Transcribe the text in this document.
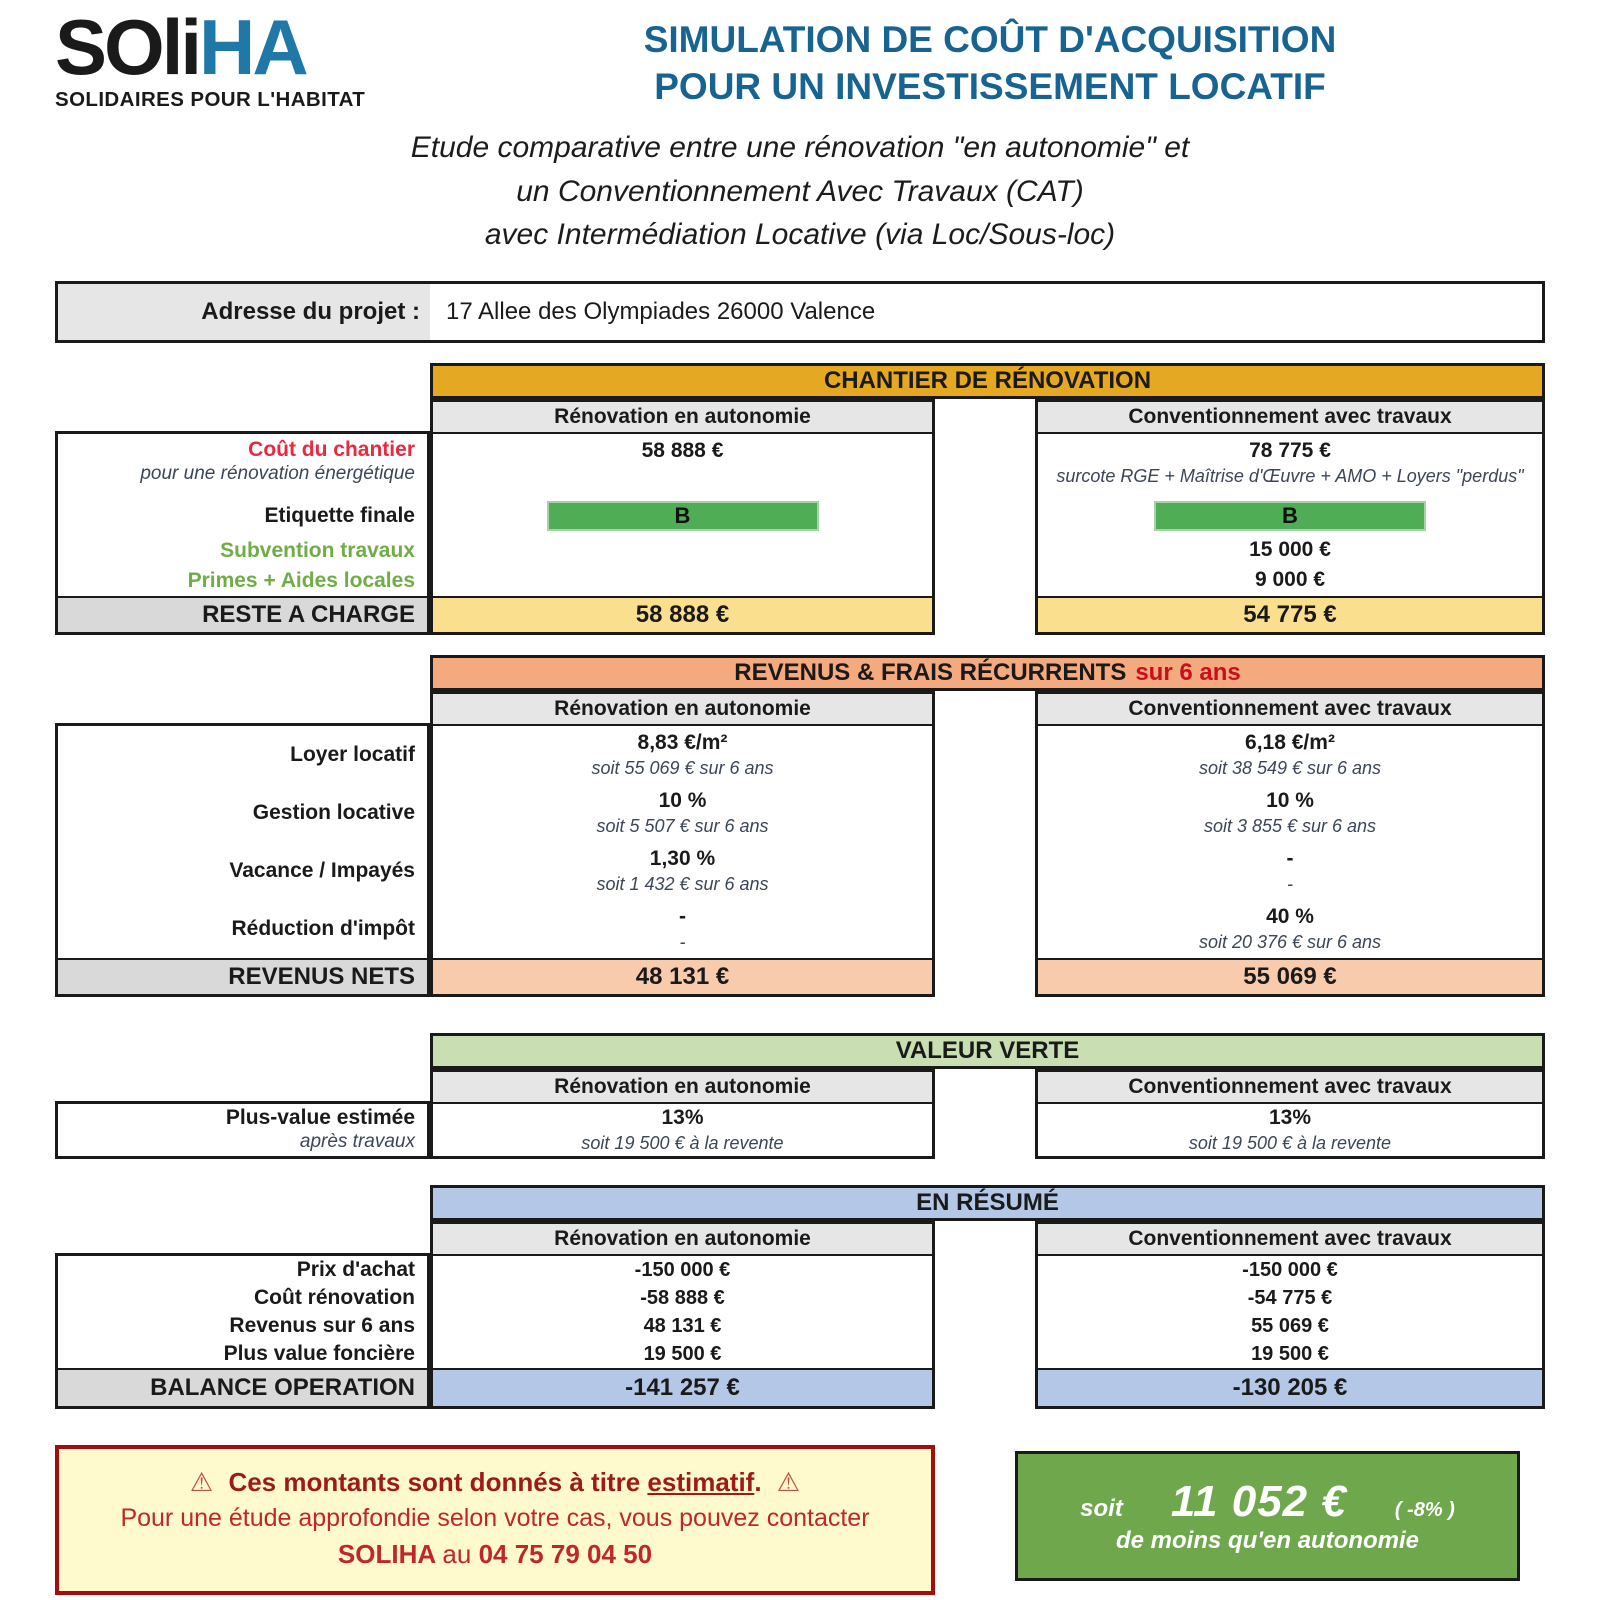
SOliHA
SOLIDAIRES POUR L'HABITAT
SIMULATION DE COÛT D'ACQUISITION
POUR UN INVESTISSEMENT LOCATIF
Etude comparative entre une rénovation "en autonomie" et
un Conventionnement Avec Travaux (CAT)
avec Intermédiation Locative (via Loc/Sous-loc)
Adresse du projet :	17 Allee des Olympiades 26000 Valence
CHANTIER DE RÉNOVATION
Coût du chantier
pour une rénovation énergétique
Etiquette finale
Subvention travaux
Primes + Aides locales
RESTE A CHARGE
Rénovation en autonomie
58 888 €
B
58 888 €
Conventionnement avec travaux
78 775 €
surcote RGE + Maîtrise d'Œuvre + AMO + Loyers "perdus"
B
15 000 €
9 000 €
54 775 €
REVENUS & FRAIS RÉCURRENTS sur 6 ans
Loyer locatif
Gestion locative
Vacance / Impayés
Réduction d'impôt
REVENUS NETS
Rénovation en autonomie
8,83 €/m²
soit 55 069 € sur 6 ans
10 %
soit 5 507 € sur 6 ans
1,30 %
soit 1 432 € sur 6 ans
-
-
48 131 €
Conventionnement avec travaux
6,18 €/m²
soit 38 549 € sur 6 ans
10 %
soit 3 855 € sur 6 ans
-
-
40 %
soit 20 376 € sur 6 ans
55 069 €
VALEUR VERTE
Plus-value estimée
après travaux
Rénovation en autonomie
13%
soit 19 500 € à la revente
Conventionnement avec travaux
13%
soit 19 500 € à la revente
EN RÉSUMÉ
Prix d'achat
Coût rénovation
Revenus sur 6 ans
Plus value foncière
BALANCE OPERATION
Rénovation en autonomie
-150 000 €
-58 888 €
48 131 €
19 500 €
-141 257 €
Conventionnement avec travaux
-150 000 €
-54 775 €
55 069 €
19 500 €
-130 205 €
⚠ Ces montants sont donnés à titre estimatif. ⚠
Pour une étude approfondie selon votre cas, vous pouvez contacter
SOLIHA au 04 75 79 04 50
soit 11 052 € ( -8% )
de moins qu'en autonomie
